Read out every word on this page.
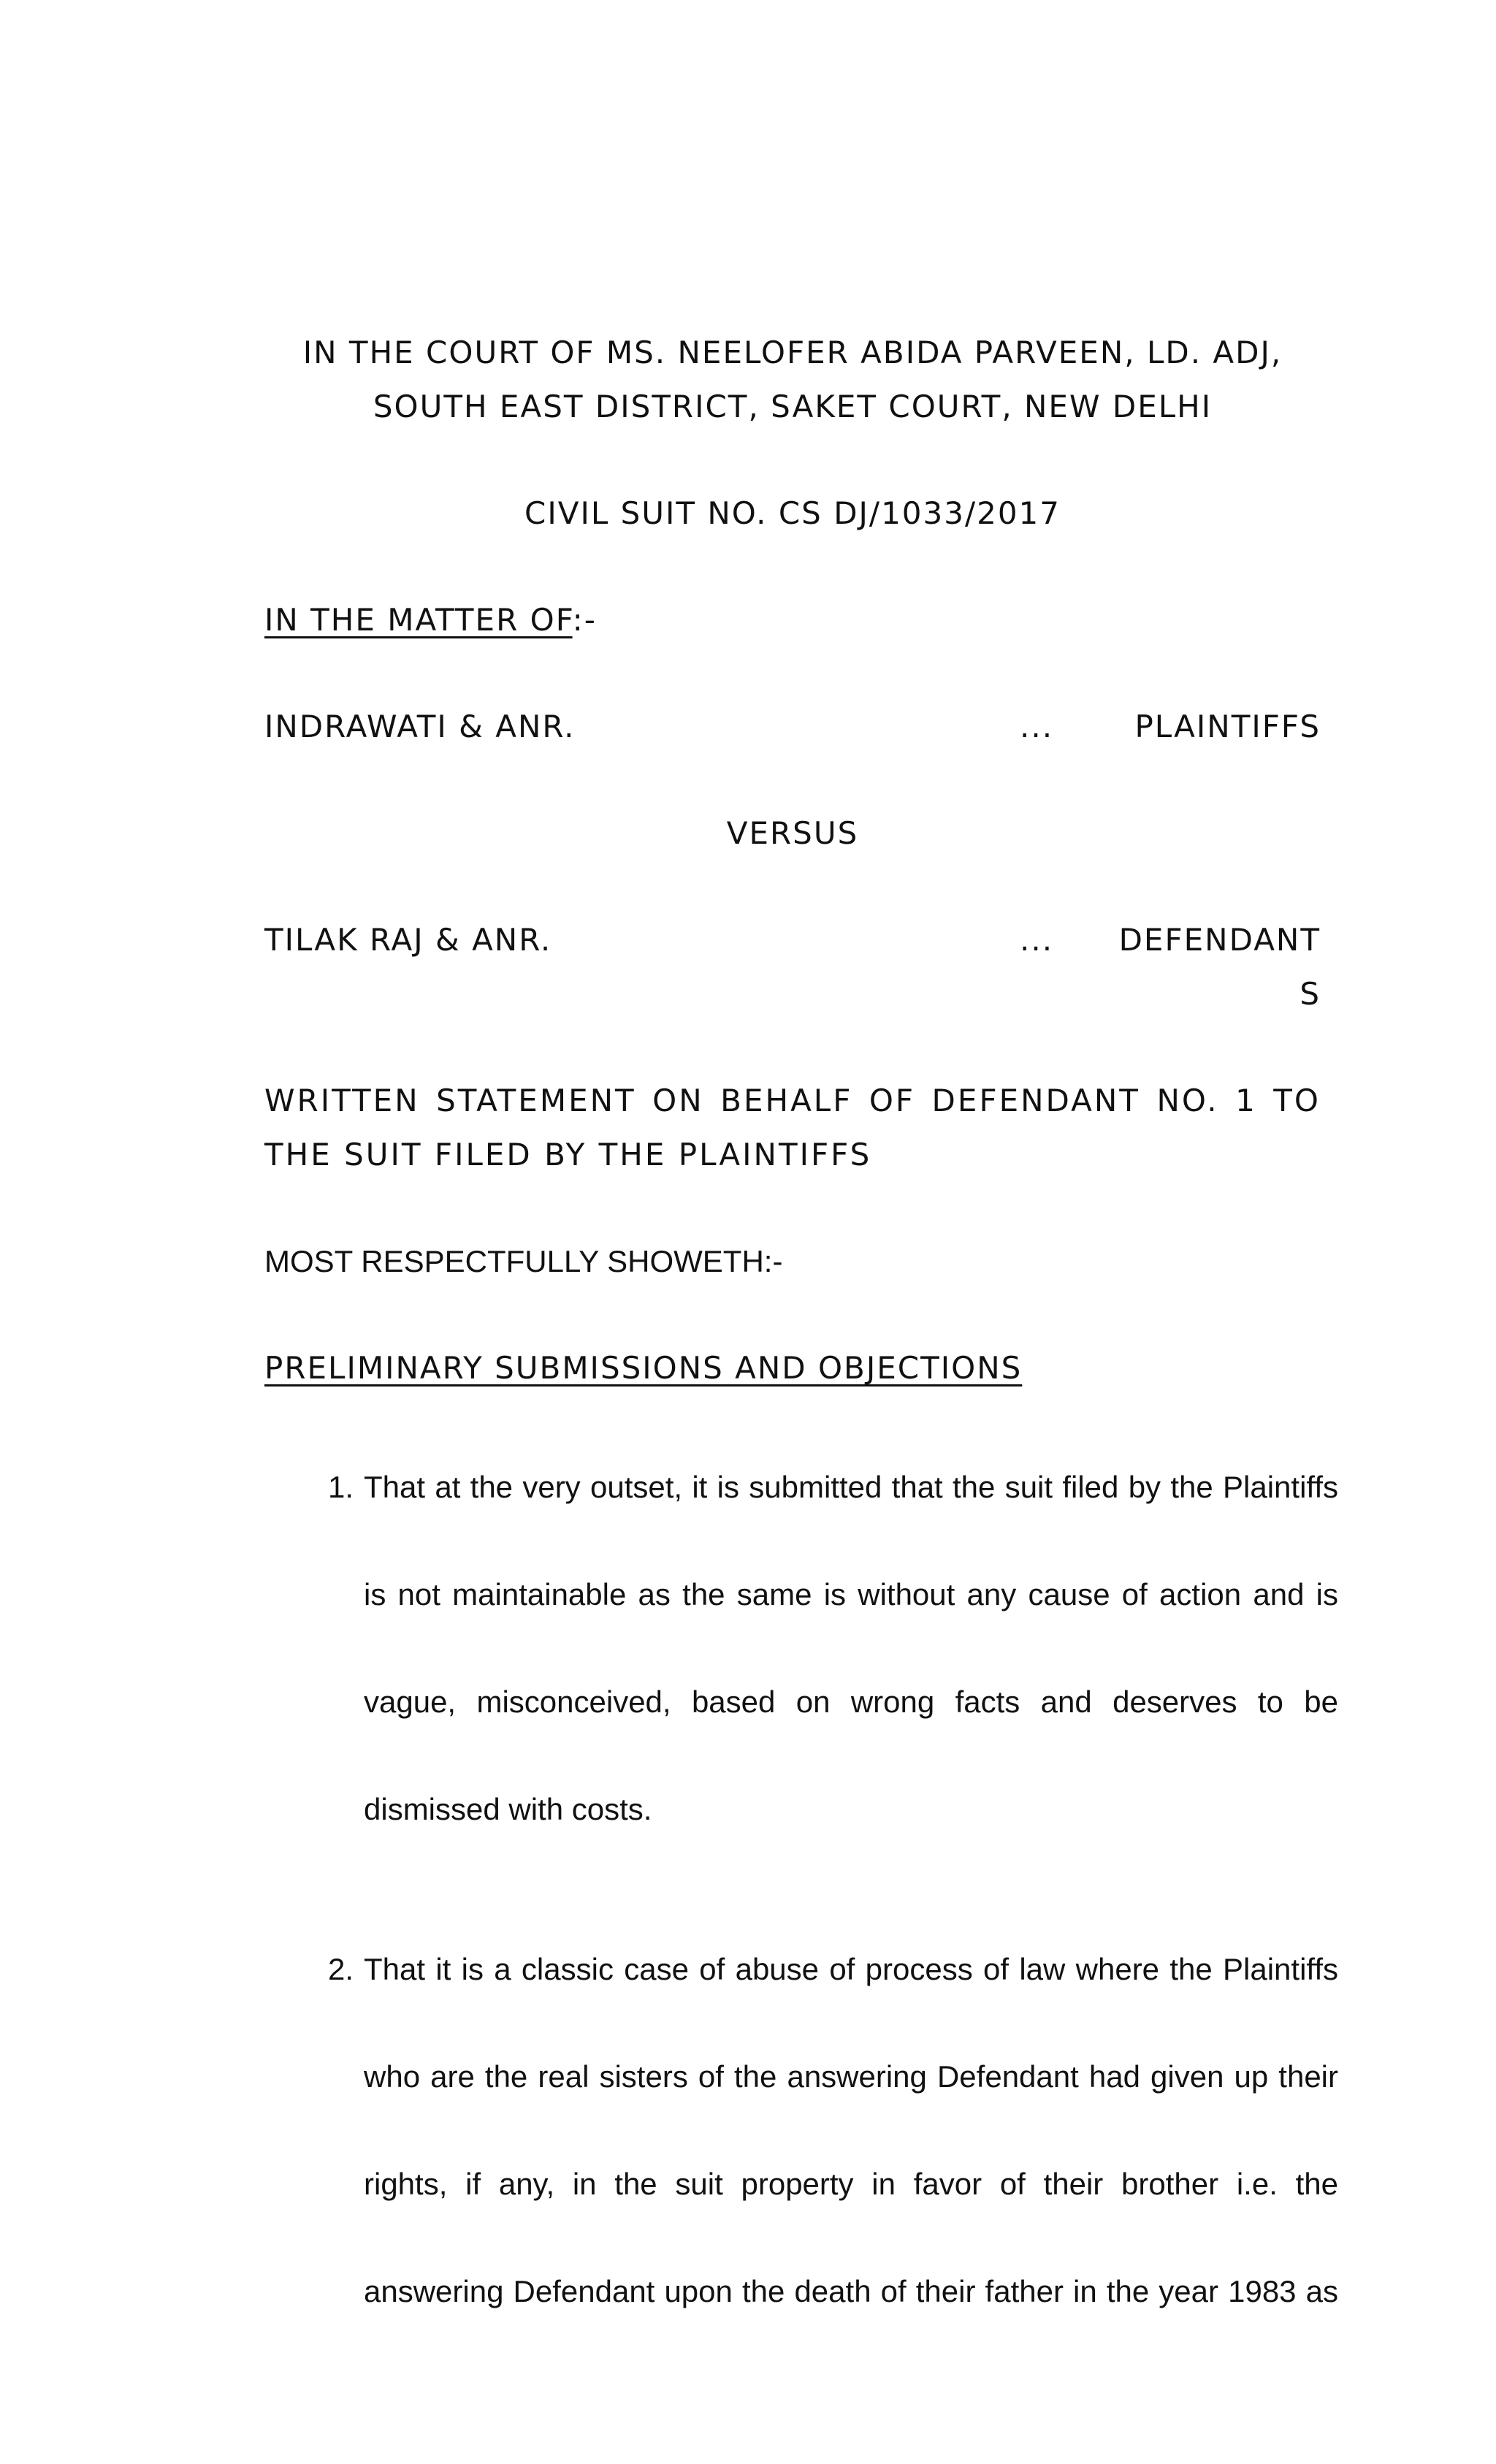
IN THE COURT OF MS. NEELOFER ABIDA PARVEEN, LD. ADJ,
SOUTH EAST DISTRICT, SAKET COURT, NEW DELHI
CIVIL SUIT NO. CS DJ/1033/2017
IN THE MATTER OF:-
INDRAWATI & ANR.	...	PLAINTIFFS
VERSUS
TILAK RAJ & ANR.	...	DEFENDANTS
WRITTEN STATEMENT ON BEHALF OF DEFENDANT NO. 1 TO
THE SUIT FILED BY THE PLAINTIFFS
MOST RESPECTFULLY SHOWETH:-
PRELIMINARY SUBMISSIONS AND OBJECTIONS
1. That at the very outset, it is submitted that the suit filed by the Plaintiffs

is not maintainable as the same is without any cause of action and is

vague, misconceived, based on wrong facts and deserves to be

dismissed with costs.

2. That it is a classic case of abuse of process of law where the Plaintiffs

who are the real sisters of the answering Defendant had given up their

rights, if any, in the suit property in favor of their brother i.e. the

answering Defendant upon the death of their father in the year 1983 as
